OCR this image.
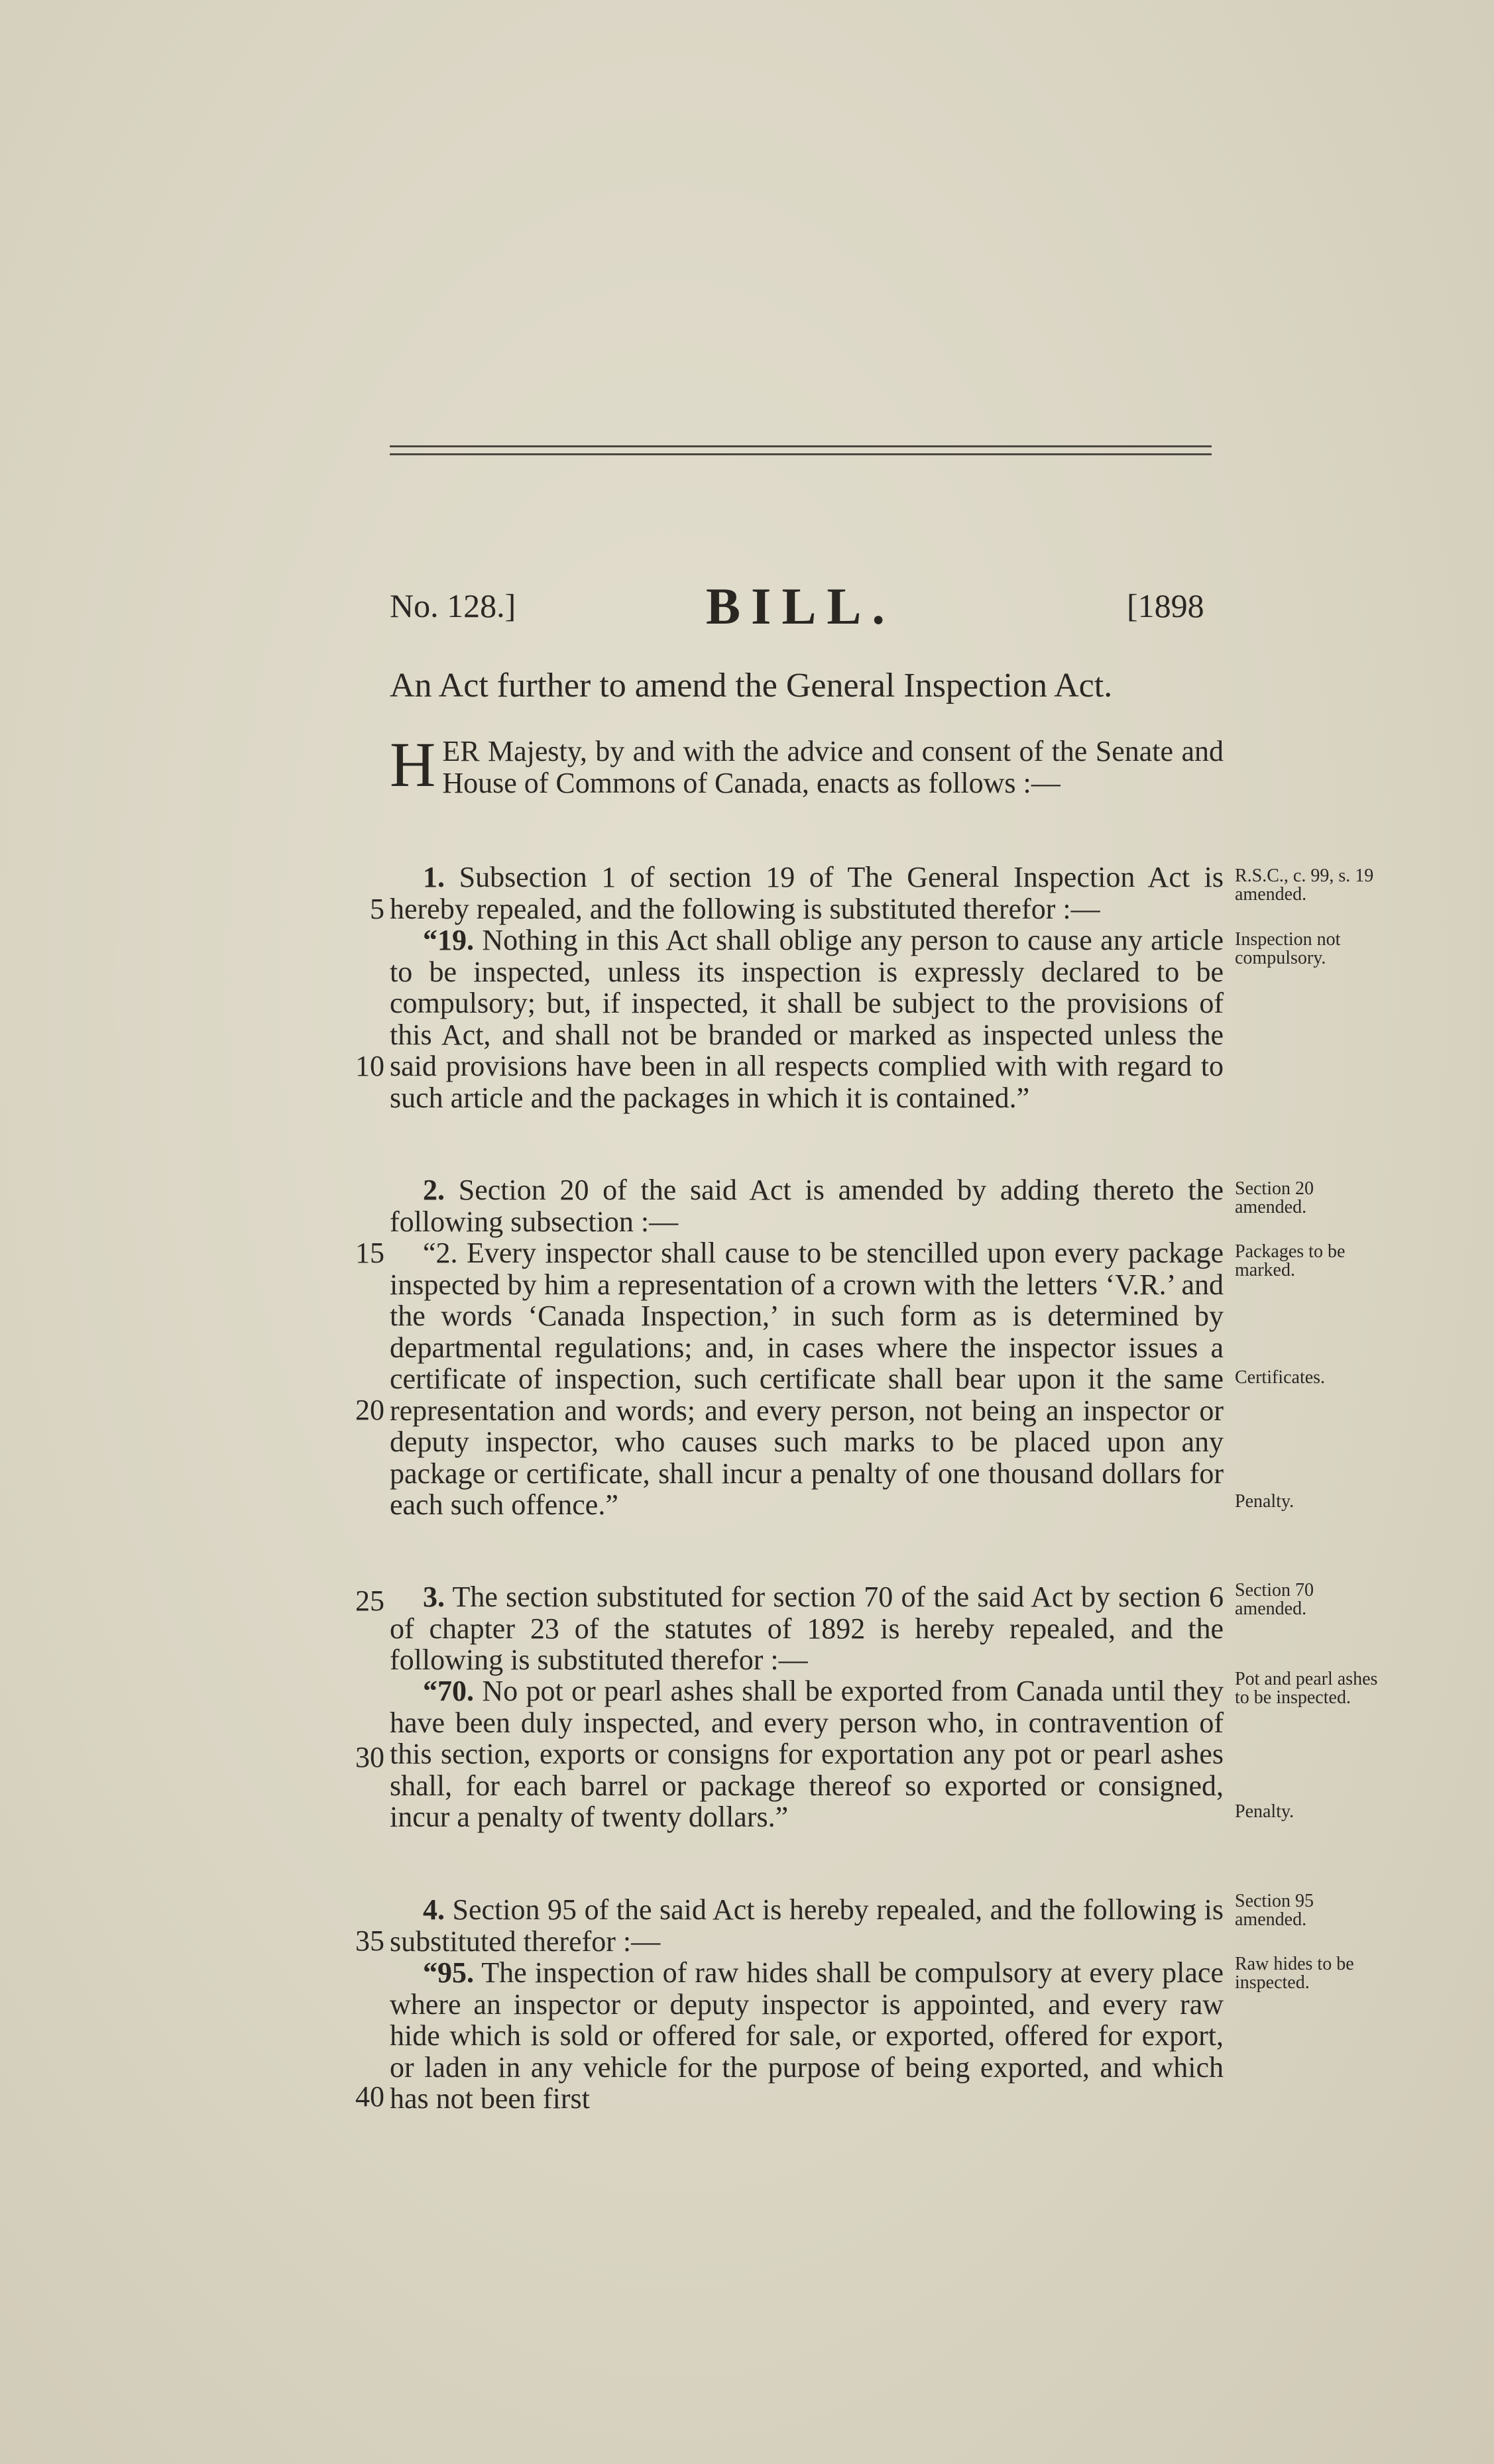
No. 128.]	BILL.	[1898
An Act further to amend the General Inspection Act.
HER Majesty, by and with the advice and consent of the Senate and House of Commons of Canada, enacts as follows :—
1. Subsection 1 of section 19 of The General Inspection Act is hereby repealed, and the following is substituted therefor :—
“19. Nothing in this Act shall oblige any person to cause any article to be inspected, unless its inspection is expressly declared to be compulsory; but, if inspected, it shall be subject to the provisions of this Act, and shall not be branded or marked as inspected unless the said provisions have been in all respects complied with with regard to such article and the packages in which it is contained.”
2. Section 20 of the said Act is amended by adding thereto the following subsection :—
“2. Every inspector shall cause to be stencilled upon every package inspected by him a representation of a crown with the letters ‘V.R.’ and the words ‘Canada Inspection,’ in such form as is determined by departmental regulations; and, in cases where the inspector issues a certificate of inspection, such certificate shall bear upon it the same representation and words; and every person, not being an inspector or deputy inspector, who causes such marks to be placed upon any package or certificate, shall incur a penalty of one thousand dollars for each such offence.”
3. The section substituted for section 70 of the said Act by section 6 of chapter 23 of the statutes of 1892 is hereby repealed, and the following is substituted therefor :—
“70. No pot or pearl ashes shall be exported from Canada until they have been duly inspected, and every person who, in contravention of this section, exports or consigns for exportation any pot or pearl ashes shall, for each barrel or package thereof so exported or consigned, incur a penalty of twenty dollars.”
4. Section 95 of the said Act is hereby repealed, and the following is substituted therefor :—
“95. The inspection of raw hides shall be compulsory at every place where an inspector or deputy inspector is appointed, and every raw hide which is sold or offered for sale, or exported, offered for export, or laden in any vehicle for the purpose of being exported, and which has not been first
R.S.C., c. 99, s. 19 amended.
Inspection not compulsory.
Section 20 amended.
Packages to be marked.
Certificates.
Penalty.
Section 70 amended.
Pot and pearl ashes to be inspected.
Penalty.
Section 95 amended.
Raw hides to be inspected.
5
10
15
20
25
30
35
40
